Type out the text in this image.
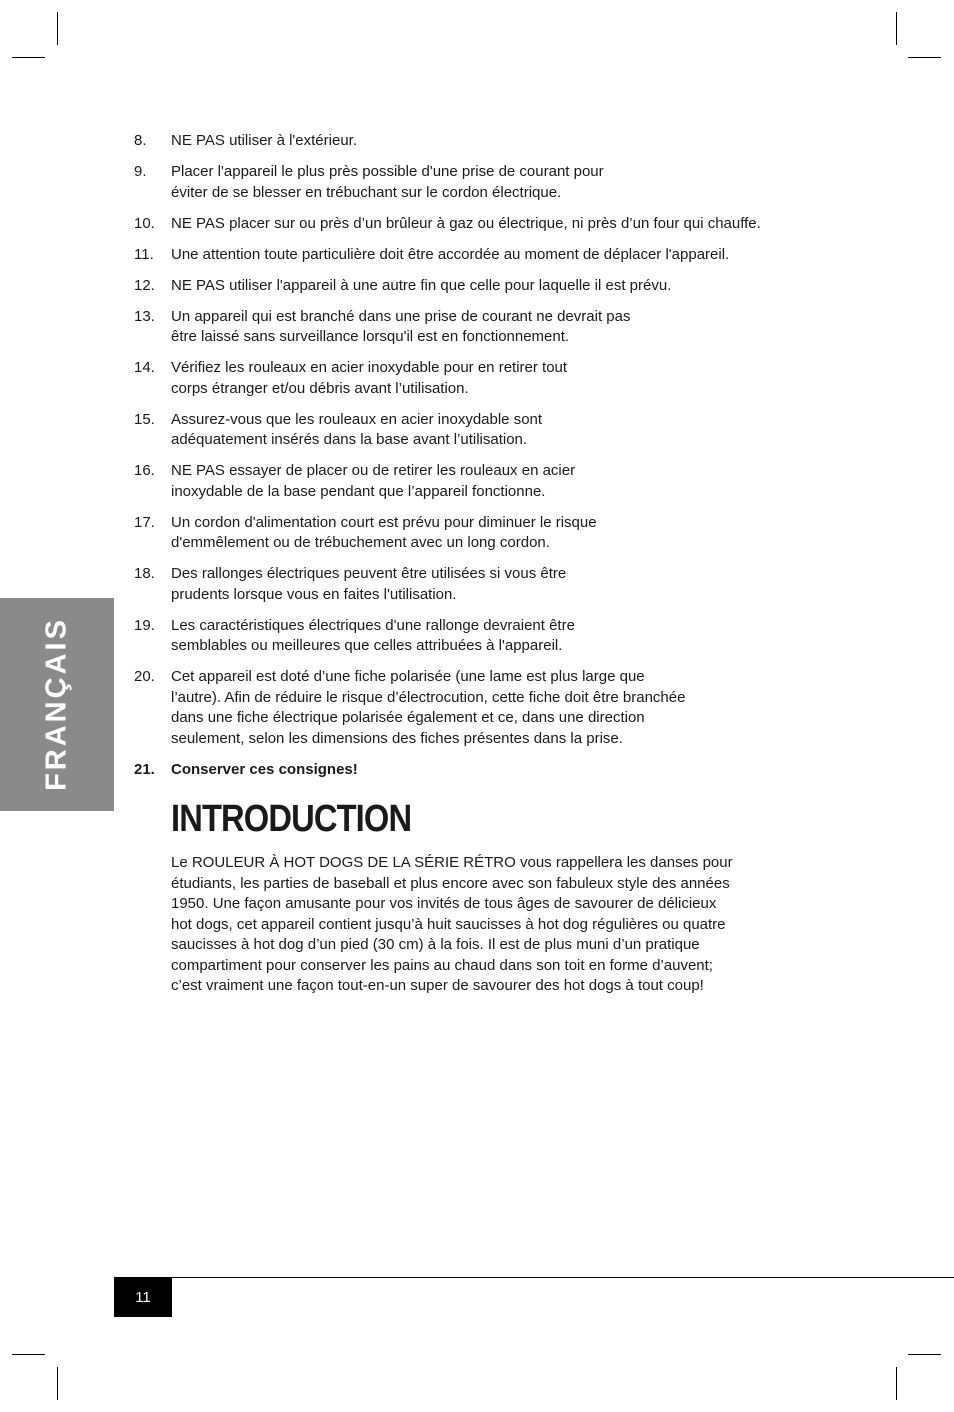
FRANÇAIS
8.	NE PAS utiliser à l'extérieur.
9.	Placer l'appareil le plus près possible d'une prise de courant pour
éviter de se blesser en trébuchant sur le cordon électrique.
10.	NE PAS placer sur ou près d’un brûleur à gaz ou électrique, ni près d’un four qui chauffe.
11.	Une attention toute particulière doit être accordée au moment de déplacer l'appareil.
12.	NE PAS utiliser l'appareil à une autre fin que celle pour laquelle il est prévu.
13.	Un appareil qui est branché dans une prise de courant ne devrait pas
être laissé sans surveillance lorsqu'il est en fonctionnement.
14.	Vérifiez les rouleaux en acier inoxydable pour en retirer tout
corps étranger et/ou débris avant l’utilisation.
15.	Assurez-vous que les rouleaux en acier inoxydable sont
adéquatement insérés dans la base avant l’utilisation.
16.	NE PAS essayer de placer ou de retirer les rouleaux en acier
inoxydable de la base pendant que l’appareil fonctionne.
17.	Un cordon d'alimentation court est prévu pour diminuer le risque
d'emmêlement ou de trébuchement avec un long cordon.
18.	Des rallonges électriques peuvent être utilisées si vous être
prudents lorsque vous en faites l'utilisation.
19.	Les caractéristiques électriques d'une rallonge devraient être
semblables ou meilleures que celles attribuées à l'appareil.
20.	Cet appareil est doté d’une fiche polarisée (une lame est plus large que
l’autre). Afin de réduire le risque d’électrocution, cette fiche doit être branchée
dans une fiche électrique polarisée également et ce, dans une direction
seulement, selon les dimensions des fiches présentes dans la prise.
21.	Conserver ces consignes!
INTRODUCTION

Le ROULEUR À HOT DOGS DE LA SÉRIE RÉTRO vous rappellera les danses pour
étudiants, les parties de baseball et plus encore avec son fabuleux style des années
1950. Une façon amusante pour vos invités de tous âges de savourer de délicieux
hot dogs, cet appareil contient jusqu’à huit saucisses à hot dog régulières ou quatre
saucisses à hot dog d’un pied (30 cm) à la fois. Il est de plus muni d’un pratique
compartiment pour conserver les pains au chaud dans son toit en forme d’auvent;
c’est vraiment une façon tout-en-un super de savourer des hot dogs à tout coup!

11
